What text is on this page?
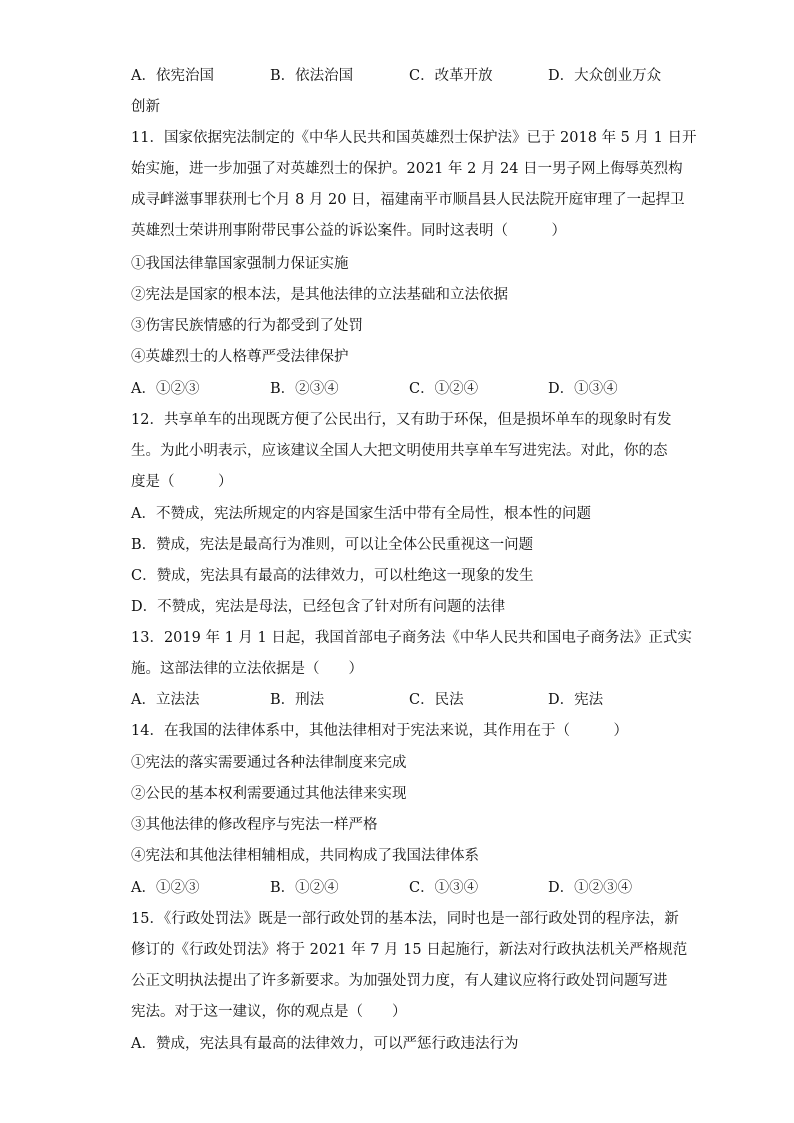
A．依宪治国	B．依法治国	C．改革开放	D．大众创业万众
创新
11．国家依据宪法制定的《中华人民共和国英雄烈士保护法》已于 2018 年 5 月 1 日开
始实施，进一步加强了对英雄烈士的保护。2021 年 2 月 24 日一男子网上侮辱英烈构
成寻衅滋事罪获刑七个月 8 月 20 日，福建南平市顺昌县人民法院开庭审理了一起捍卫
英雄烈士荣讲刑事附带民事公益的诉讼案件。同时这表明（　　　）
①我国法律靠国家强制力保证实施
②宪法是国家的根本法，是其他法律的立法基础和立法依据
③伤害民族情感的行为都受到了处罚
④英雄烈士的人格尊严受法律保护
A．①②③	B．②③④	C．①②④	D．①③④
12．共享单车的出现既方便了公民出行，又有助于环保，但是损坏单车的现象时有发
生。为此小明表示，应该建议全国人大把文明使用共享单车写进宪法。对此，你的态
度是（　　　）
A．不赞成，宪法所规定的内容是国家生活中带有全局性，根本性的问题
B．赞成，宪法是最高行为准则，可以让全体公民重视这一问题
C．赞成，宪法具有最高的法律效力，可以杜绝这一现象的发生
D．不赞成，宪法是母法，已经包含了针对所有问题的法律
13．2019 年 1 月 1 日起，我国首部电子商务法《中华人民共和国电子商务法》正式实
施。这部法律的立法依据是（　　）
A．立法法	B．刑法	C．民法	D．宪法
14．在我国的法律体系中，其他法律相对于宪法来说，其作用在于（　　　）
①宪法的落实需要通过各种法律制度来完成
②公民的基本权利需要通过其他法律来实现
③其他法律的修改程序与宪法一样严格
④宪法和其他法律相辅相成，共同构成了我国法律体系
A．①②③	B．①②④	C．①③④	D．①②③④
15．《行政处罚法》既是一部行政处罚的基本法，同时也是一部行政处罚的程序法，新
修订的《行政处罚法》将于 2021 年 7 月 15 日起施行，新法对行政执法机关严格规范
公正文明执法提出了许多新要求。为加强处罚力度，有人建议应将行政处罚问题写进
宪法。对于这一建议，你的观点是（　　）
A．赞成，宪法具有最高的法律效力，可以严惩行政违法行为
